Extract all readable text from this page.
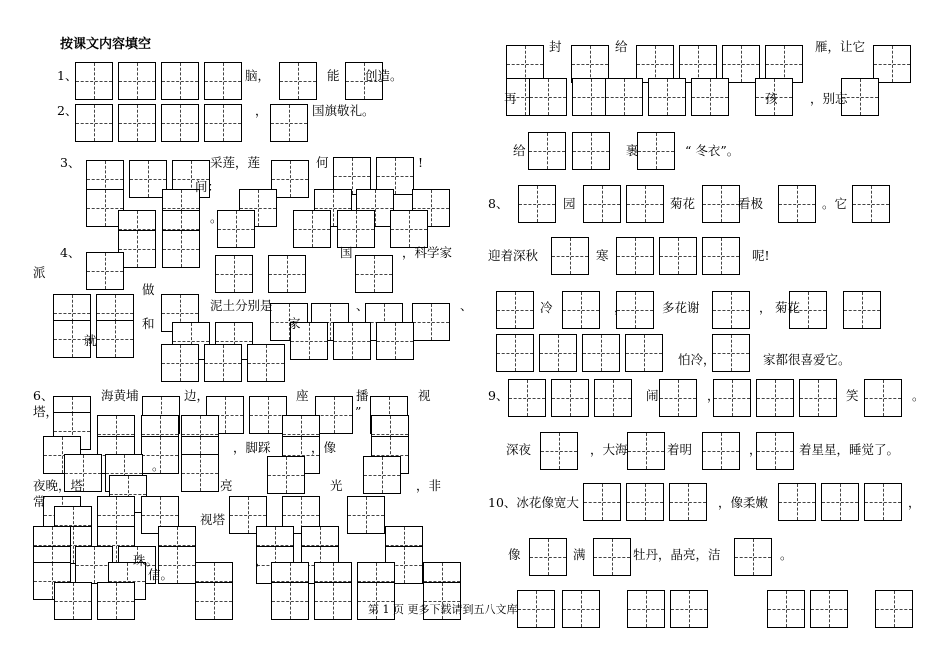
按课文内容填空
1、	脑，	能 创造。
2、	，	国旗敬礼。
3、	采莲，莲	何	!
间：
。
4、	国	，科学家
派
做
泥土分别是	、	、
和	家
就
6、	海黄埔	边，	座	播	视
塔，	”
，脚踩	，像
。
夜晚，塔	亮	光	，非
常
视塔
珠。	，
信。
封	给	雁，让它
再	孩	，别忘
给	裹	“ 冬衣”。
8、	园	菊花	看极	。它
迎着深秋	寒	呢!
冷	，	多花谢	， 菊花
怕冷，	家都很喜爱它。
9、	闹	，	笑	。
深夜	，大海	着明	，	着星星，睡觉了。
10、冰花像宽大	，像柔嫩	，
像	满	牡丹，晶亮，洁	。
第 1 页 更多下载请到五八文库
